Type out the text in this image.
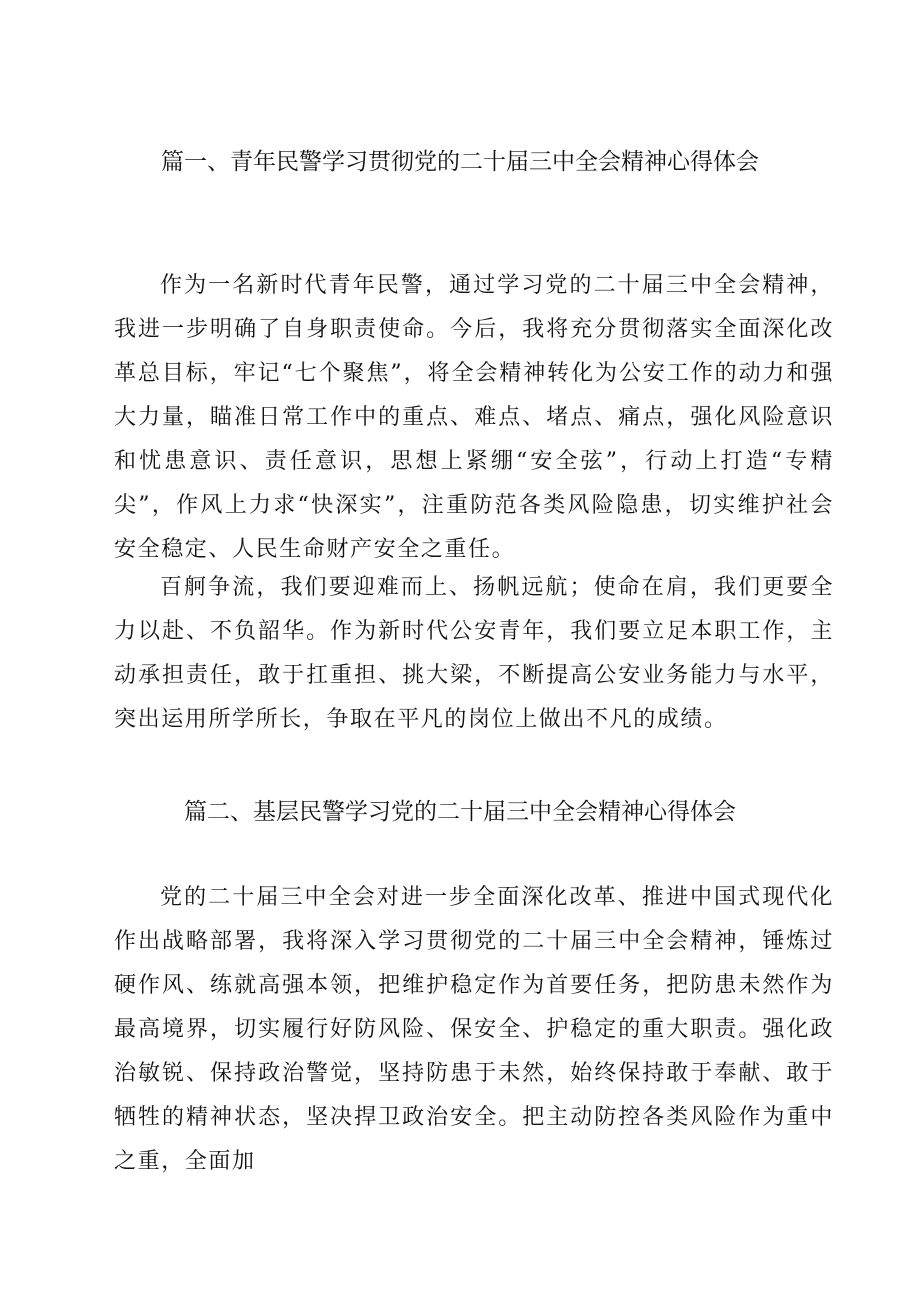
篇一、青年民警学习贯彻党的二十届三中全会精神心得体会

作为一名新时代青年民警，通过学习党的二十届三中全会精神，我进一步明确了自身职责使命。今后，我将充分贯彻落实全面深化改革总目标，牢记“七个聚焦”，将全会精神转化为公安工作的动力和强大力量，瞄准日常工作中的重点、难点、堵点、痛点，强化风险意识和忧患意识、责任意识，思想上紧绷“安全弦”，行动上打造“专精尖”，作风上力求“快深实”，注重防范各类风险隐患，切实维护社会安全稳定、人民生命财产安全之重任。

百舸争流，我们要迎难而上、扬帆远航；使命在肩，我们更要全力以赴、不负韶华。作为新时代公安青年，我们要立足本职工作，主动承担责任，敢于扛重担、挑大梁，不断提高公安业务能力与水平，突出运用所学所长，争取在平凡的岗位上做出不凡的成绩。

篇二、基层民警学习党的二十届三中全会精神心得体会

党的二十届三中全会对进一步全面深化改革、推进中国式现代化作出战略部署，我将深入学习贯彻党的二十届三中全会精神，锤炼过硬作风、练就高强本领，把维护稳定作为首要任务，把防患未然作为最高境界，切实履行好防风险、保安全、护稳定的重大职责。强化政治敏锐、保持政治警觉，坚持防患于未然，始终保持敢于奉献、敢于牺牲的精神状态，坚决捍卫政治安全。把主动防控各类风险作为重中之重，全面加
